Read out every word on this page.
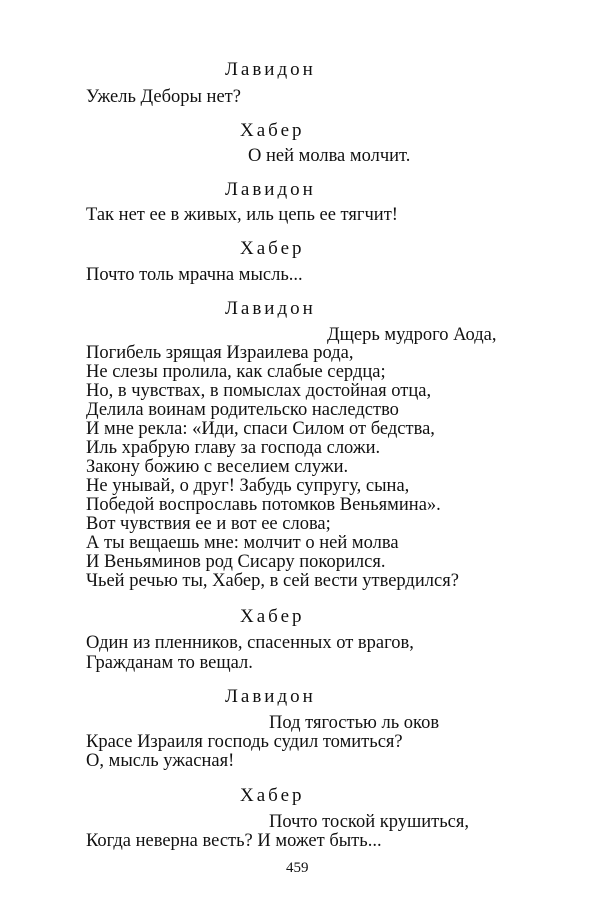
Лавидон
Ужель Деборы нет?
Хабер
О ней молва молчит.
Лавидон
Так нет ее в живых, иль цепь ее тягчит!
Хабер
Почто толь мрачна мысль...
Лавидон
Дщерь мудрого Аода,
Погибель зрящая Израилева рода,
Не слезы пролила, как слабые сердца;
Но, в чувствах, в помыслах достойная отца,
Делила воинам родительско наследство
И мне рекла: «Иди, спаси Силом от бедства,
Иль храбрую главу за господа сложи.
Закону божию с веселием служи.
Не унывай, о друг! Забудь супругу, сына,
Победой воспрославь потомков Веньямина».
Вот чувствия ее и вот ее слова;
А ты вещаешь мне: молчит о ней молва
И Веньяминов род Сисару покорился.
Чьей речью ты, Хабер, в сей вести утвердился?
Хабер
Один из пленников, спасенных от врагов,
Гражданам то вещал.
Лавидон
Под тягостью ль оков
Красе Израиля господь судил томиться?
О, мысль ужасная!
Хабер
Почто тоской крушиться,
Когда неверна весть? И может быть...
459
